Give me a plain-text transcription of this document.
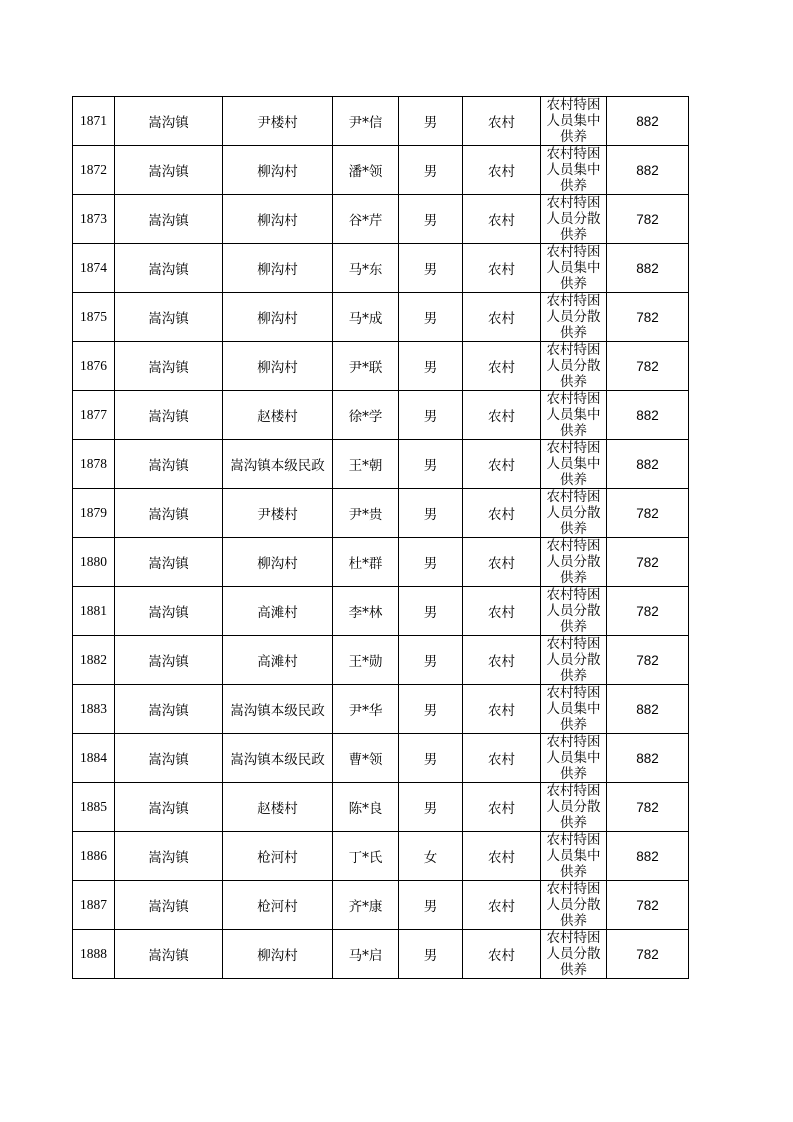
1871	嵩沟镇	尹楼村	尹*信	男	农村	农村特困人员集中供养	882
1872	嵩沟镇	柳沟村	潘*领	男	农村	农村特困人员集中供养	882
1873	嵩沟镇	柳沟村	谷*芹	男	农村	农村特困人员分散供养	782
1874	嵩沟镇	柳沟村	马*东	男	农村	农村特困人员集中供养	882
1875	嵩沟镇	柳沟村	马*成	男	农村	农村特困人员分散供养	782
1876	嵩沟镇	柳沟村	尹*联	男	农村	农村特困人员分散供养	782
1877	嵩沟镇	赵楼村	徐*学	男	农村	农村特困人员集中供养	882
1878	嵩沟镇	嵩沟镇本级民政	王*朝	男	农村	农村特困人员集中供养	882
1879	嵩沟镇	尹楼村	尹*贵	男	农村	农村特困人员分散供养	782
1880	嵩沟镇	柳沟村	杜*群	男	农村	农村特困人员分散供养	782
1881	嵩沟镇	高滩村	李*林	男	农村	农村特困人员分散供养	782
1882	嵩沟镇	高滩村	王*勋	男	农村	农村特困人员分散供养	782
1883	嵩沟镇	嵩沟镇本级民政	尹*华	男	农村	农村特困人员集中供养	882
1884	嵩沟镇	嵩沟镇本级民政	曹*领	男	农村	农村特困人员集中供养	882
1885	嵩沟镇	赵楼村	陈*良	男	农村	农村特困人员分散供养	782
1886	嵩沟镇	枪河村	丁*氏	女	农村	农村特困人员集中供养	882
1887	嵩沟镇	枪河村	齐*康	男	农村	农村特困人员分散供养	782
1888	嵩沟镇	柳沟村	马*启	男	农村	农村特困人员分散供养	782
